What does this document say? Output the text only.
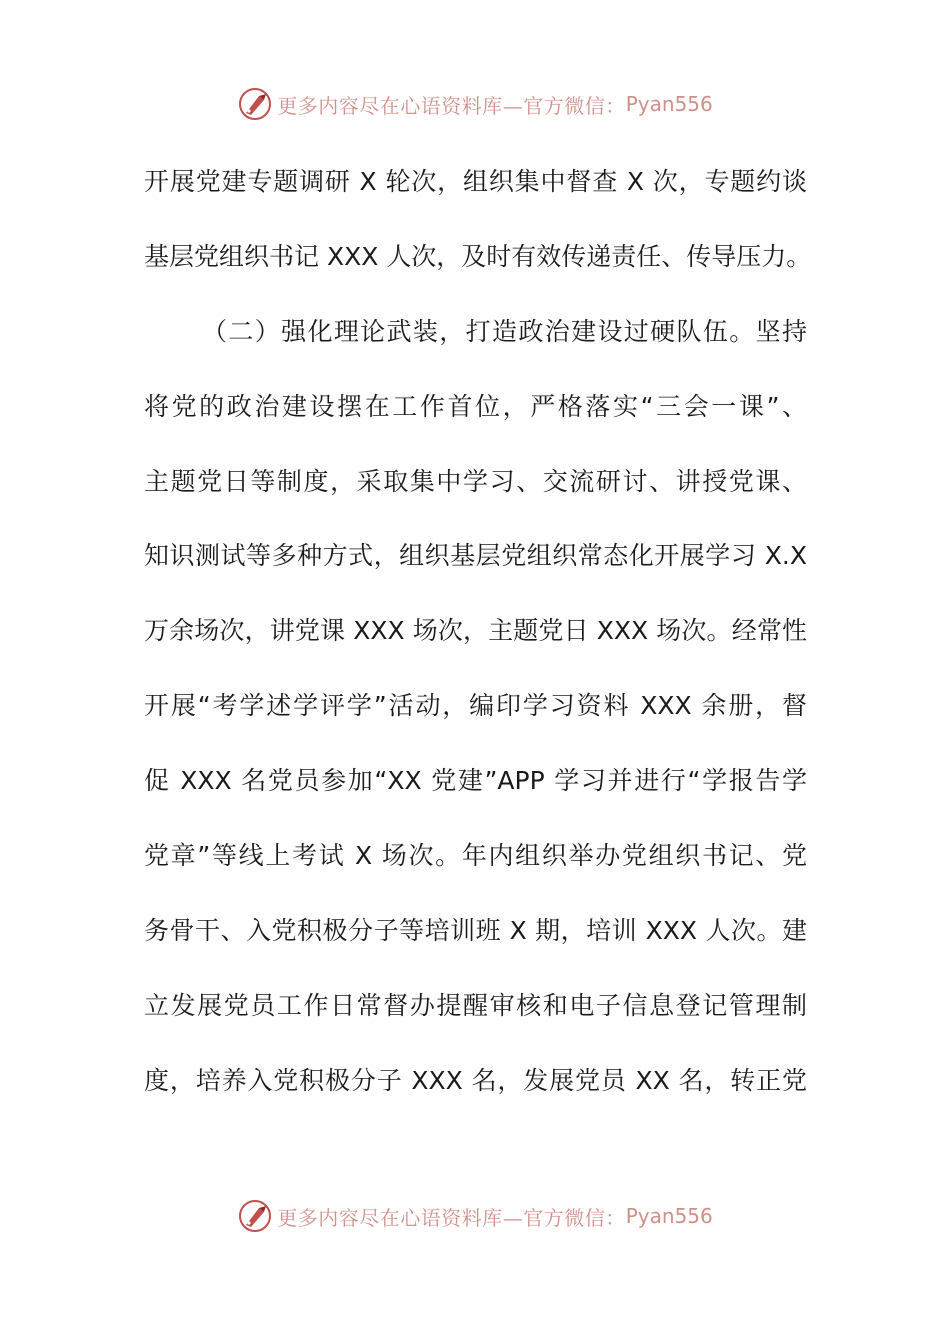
更多内容尽在心语资料库—官方微信： Pyan556
开展党建专题调研 X 轮次，组织集中督查 X 次，专题约谈
基层党组织书记 XXX 人次，及时有效传递责任、传导压力。
（二）强化理论武装，打造政治建设过硬队伍。坚持
将党的政治建设摆在工作首位，严格落实“三会一课”、
主题党日等制度，采取集中学习、交流研讨、讲授党课、
知识测试等多种方式，组织基层党组织常态化开展学习 X.X
万余场次，讲党课 XXX 场次，主题党日 XXX 场次。经常性
开展“考学述学评学”活动，编印学习资料 XXX 余册，督
促 XXX 名党员参加“XX 党建”APP 学习并进行“学报告学
党章”等线上考试 X 场次。年内组织举办党组织书记、党
务骨干、入党积极分子等培训班 X 期，培训 XXX 人次。建
立发展党员工作日常督办提醒审核和电子信息登记管理制
度，培养入党积极分子 XXX 名，发展党员 XX 名，转正党
更多内容尽在心语资料库—官方微信： Pyan556
